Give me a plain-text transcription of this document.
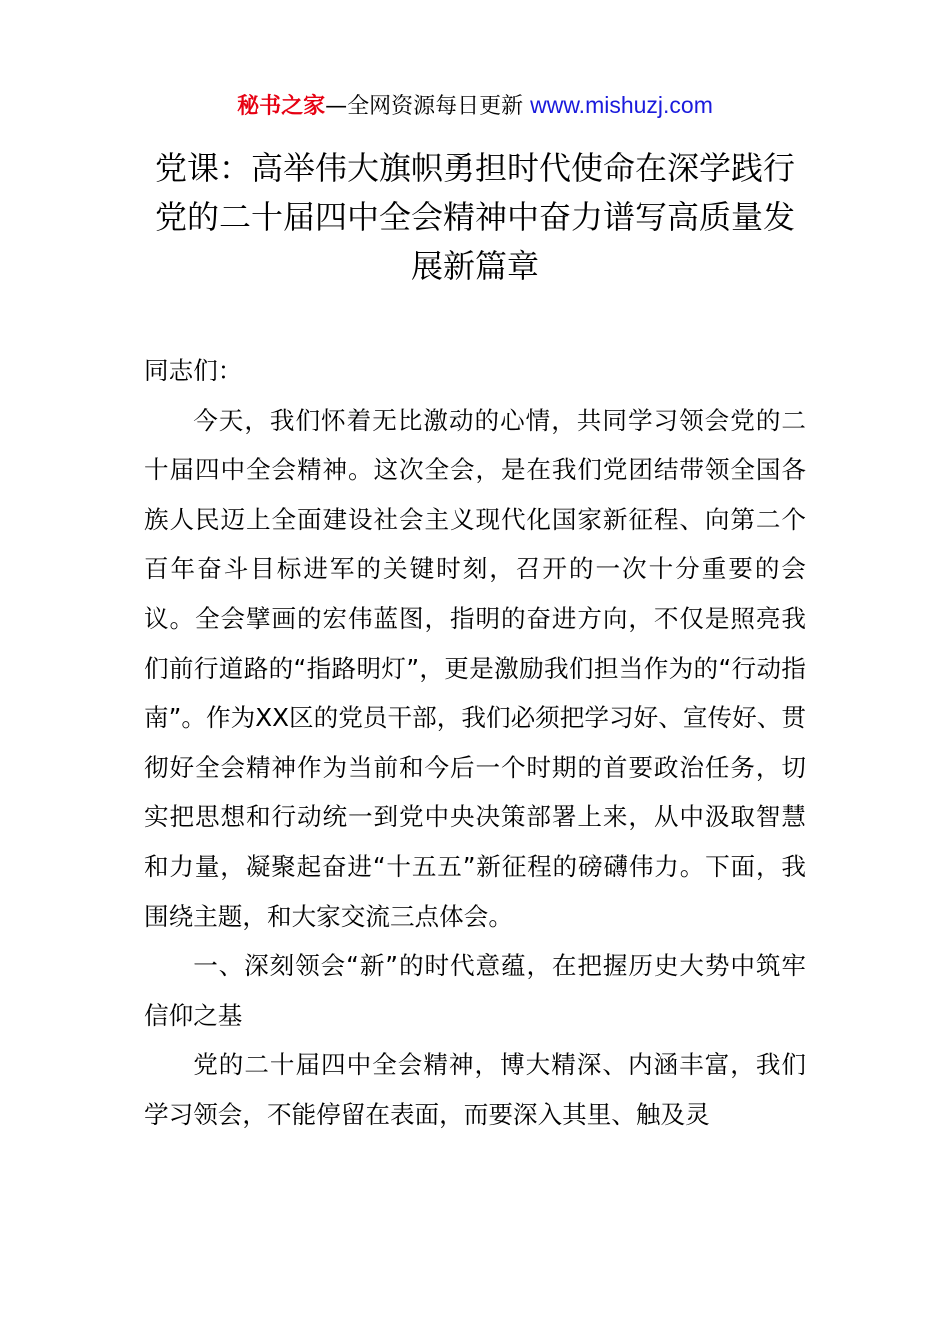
秘书之家—全网资源每日更新 www.mishuzj.com
党课：高举伟大旗帜勇担时代使命在深学践行
党的二十届四中全会精神中奋力谱写高质量发
展新篇章

同志们：

今天，我们怀着无比激动的心情，共同学习领会党的二十届四中全会精神。这次全会，是在我们党团结带领全国各族人民迈上全面建设社会主义现代化国家新征程、向第二个百年奋斗目标进军的关键时刻，召开的一次十分重要的会议。全会擘画的宏伟蓝图，指明的奋进方向，不仅是照亮我们前行道路的“指路明灯”，更是激励我们担当作为的“行动指南”。作为XX区的党员干部，我们必须把学习好、宣传好、贯彻好全会精神作为当前和今后一个时期的首要政治任务，切实把思想和行动统一到党中央决策部署上来，从中汲取智慧和力量，凝聚起奋进“十五五”新征程的磅礴伟力。下面，我围绕主题，和大家交流三点体会。

一、深刻领会“新”的时代意蕴，在把握历史大势中筑牢信仰之基

党的二十届四中全会精神，博大精深、内涵丰富，我们学习领会，不能停留在表面，而要深入其里、触及灵
